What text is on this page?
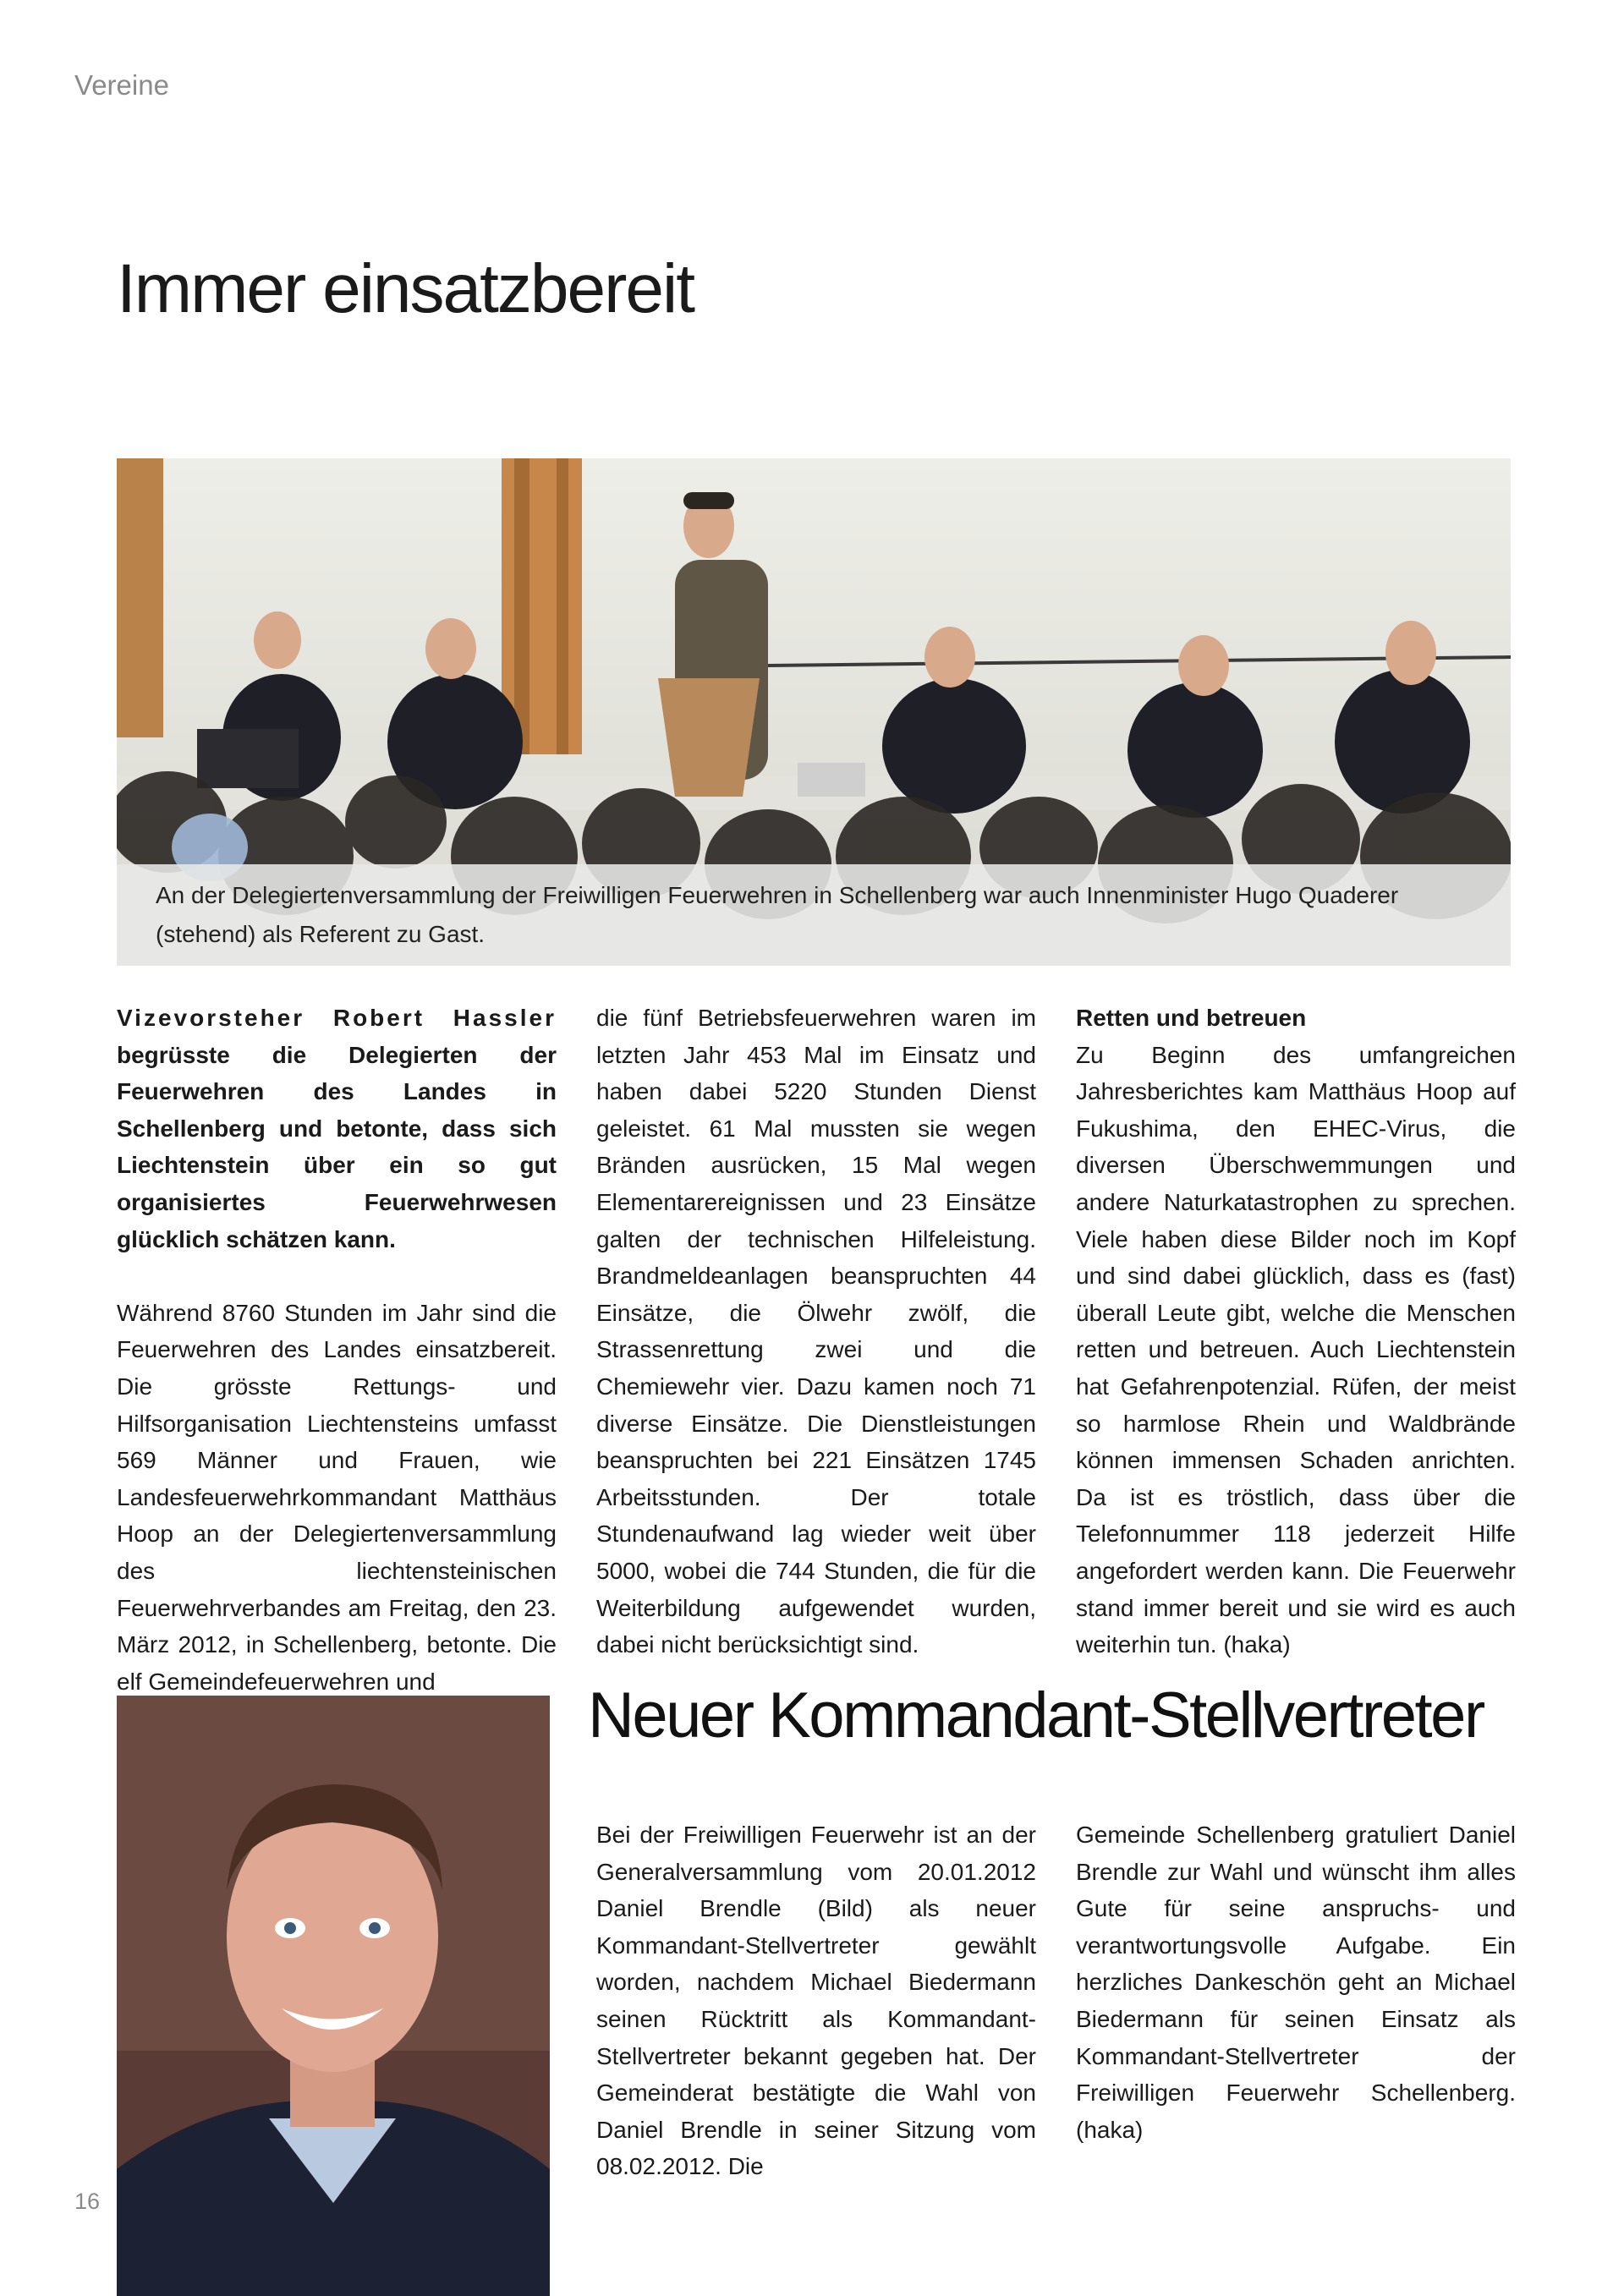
Vereine
Immer einsatzbereit
An der Delegiertenversammlung der Freiwilligen Feuerwehren in Schellenberg war auch Innenminister Hugo Quaderer
(stehend) als Referent zu Gast.

Vizevorsteher Robert Hassler begrüsste die Delegierten der Feuerwehren des Landes in Schellenberg und betonte, dass sich Liechtenstein über ein so gut organisiertes Feuerwehrwesen glücklich schätzen kann.

Während 8760 Stunden im Jahr sind die Feuerwehren des Landes einsatzbereit. Die grösste Rettungs- und Hilfsorganisation Liechtensteins umfasst 569 Männer und Frauen, wie Landesfeuerwehrkommandant Matthäus Hoop an der Delegiertenversammlung des liechtensteinischen Feuerwehrverbandes am Freitag, den 23. März 2012, in Schellenberg, betonte. Die elf Gemeindefeuerwehren und

die fünf Betriebsfeuerwehren waren im letzten Jahr 453 Mal im Einsatz und haben dabei 5220 Stunden Dienst geleistet. 61 Mal mussten sie wegen Bränden ausrücken, 15 Mal wegen Elementarereignissen und 23 Einsätze galten der technischen Hilfeleistung. Brandmeldeanlagen beanspruchten 44 Einsätze, die Ölwehr zwölf, die Strassenrettung zwei und die Chemiewehr vier. Dazu kamen noch 71 diverse Einsätze. Die Dienstleistungen beanspruchten bei 221 Einsätzen 1745 Arbeitsstunden. Der totale Stundenaufwand lag wieder weit über 5000, wobei die 744 Stunden, die für die Weiterbildung aufgewendet wurden, dabei nicht berücksichtigt sind.

Retten und betreuen

Zu Beginn des umfangreichen Jahresberichtes kam Matthäus Hoop auf Fukushima, den EHEC-Virus, die diversen Überschwemmungen und andere Naturkatastrophen zu sprechen. Viele haben diese Bilder noch im Kopf und sind dabei glücklich, dass es (fast) überall Leute gibt, welche die Menschen retten und betreuen. Auch Liechtenstein hat Gefahrenpotenzial. Rüfen, der meist so harmlose Rhein und Waldbrände können immensen Schaden anrichten. Da ist es tröstlich, dass über die Telefonnummer 118 jederzeit Hilfe angefordert werden kann. Die Feuerwehr stand immer bereit und sie wird es auch weiterhin tun. (haka)

Neuer Kommandant-Stellvertreter

Bei der Freiwilligen Feuerwehr ist an der Generalversammlung vom 20.01.2012 Daniel Brendle (Bild) als neuer Kommandant-Stellvertreter gewählt worden, nachdem Michael Biedermann seinen Rücktritt als Kommandant-Stellvertreter bekannt gegeben hat. Der Gemeinderat bestätigte die Wahl von Daniel Brendle in seiner Sitzung vom 08.02.2012. Die

Gemeinde Schellenberg gratuliert Daniel Brendle zur Wahl und wünscht ihm alles Gute für seine anspruchs- und verantwortungsvolle Aufgabe. Ein herzliches Dankeschön geht an Michael Biedermann für seinen Einsatz als Kommandant-Stellvertreter der Freiwilligen Feuerwehr Schellenberg. (haka)

16
